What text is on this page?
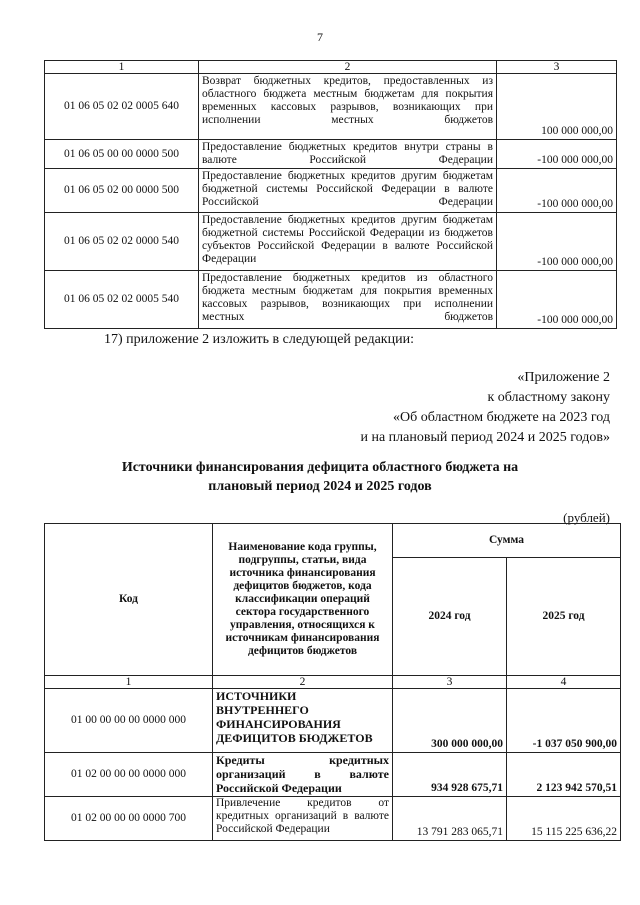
7
1	2	3
01 06 05 02 02 0005 640	Возврат бюджетных кредитов, предоставленных из областного бюджета местным бюджетам для покрытия временных кассовых разрывов, возникающих при исполнении местных бюджетов	100 000 000,00
01 06 05 00 00 0000 500	Предоставление бюджетных кредитов внутри страны в валюте Российской Федерации	-100 000 000,00
01 06 05 02 00 0000 500	Предоставление бюджетных кредитов другим бюджетам бюджетной системы Российской Федерации в валюте Российской Федерации	-100 000 000,00
01 06 05 02 02 0000 540	Предоставление бюджетных кредитов другим бюджетам бюджетной системы Российской Федерации из бюджетов субъектов Российской Федерации в валюте Российской Федерации	-100 000 000,00
01 06 05 02 02 0005 540	Предоставление бюджетных кредитов из областного бюджета местным бюджетам для покрытия временных кассовых разрывов, возникающих при исполнении местных бюджетов	-100 000 000,00
17) приложение 2 изложить в следующей редакции:
«Приложение 2
к областному закону
«Об областном бюджете на 2023 год
и на плановый период 2024 и 2025 годов»
Источники финансирования дефицита областного бюджета на
плановый период 2024 и 2025 годов
(рублей)
Код	Наименование кода группы, подгруппы, статьи, вида источника финансирования дефицитов бюджетов, кода классификации операций сектора государственного управления, относящихся к источникам финансирования дефицитов бюджетов	Сумма	
		2024 год	2025 год
1	2	3	4
01 00 00 00 00 0000 000	ИСТОЧНИКИ ВНУТРЕННЕГО ФИНАНСИРОВАНИЯ ДЕФИЦИТОВ БЮДЖЕТОВ	300 000 000,00	-1 037 050 900,00
01 02 00 00 00 0000 000	Кредиты кредитных организаций в валюте Российской Федерации	934 928 675,71	2 123 942 570,51
01 02 00 00 00 0000 700	Привлечение кредитов от кредитных организаций в валюте Российской Федерации	13 791 283 065,71	15 115 225 636,22
